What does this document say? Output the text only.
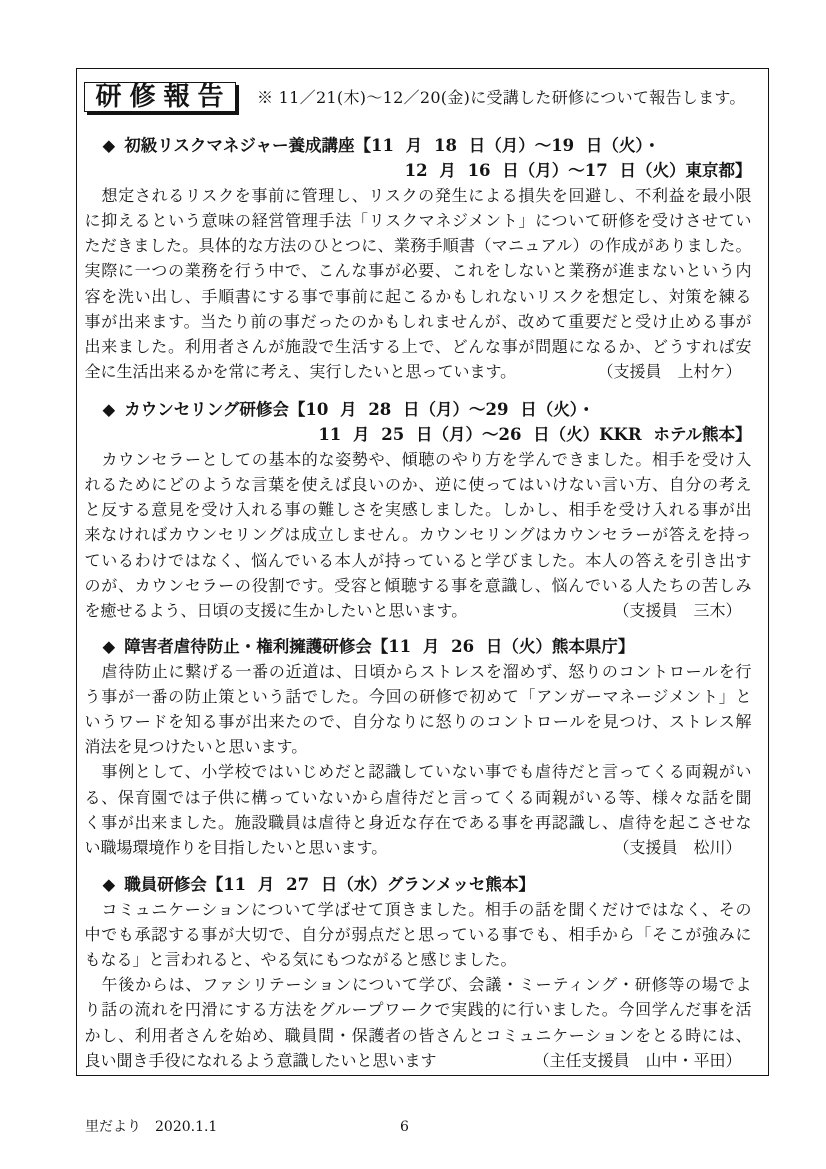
研修報告 ※ 11／21(木)～12／20(金)に受講した研修について報告します。
◆ 初級リスクマネジャー養成講座【11 月 18 日（月）～19 日（火）・
12 月 16 日（月）～17 日（火）東京都】
想定されるリスクを事前に管理し、リスクの発生による損失を回避し、不利益を最小限
に抑えるという意味の経営管理手法「リスクマネジメント」について研修を受けさせてい
ただきました。具体的な方法のひとつに、業務手順書（マニュアル）の作成がありました。
実際に一つの業務を行う中で、こんな事が必要、これをしないと業務が進まないという内
容を洗い出し、手順書にする事で事前に起こるかもしれないリスクを想定し、対策を練る
事が出来ます。当たり前の事だったのかもしれませんが、改めて重要だと受け止める事が
出来ました。利用者さんが施設で生活する上で、どんな事が問題になるか、どうすれば安
全に生活出来るかを常に考え、実行したいと思っています。	（支援員　上村ケ）
◆ カウンセリング研修会【10 月 28 日（月）～29 日（火）・
11 月 25 日（月）～26 日（火）KKR ホテル熊本】
カウンセラーとしての基本的な姿勢や、傾聴のやり方を学んできました。相手を受け入
れるためにどのような言葉を使えば良いのか、逆に使ってはいけない言い方、自分の考え
と反する意見を受け入れる事の難しさを実感しました。しかし、相手を受け入れる事が出
来なければカウンセリングは成立しません。カウンセリングはカウンセラーが答えを持っ
ているわけではなく、悩んでいる本人が持っていると学びました。本人の答えを引き出す
のが、カウンセラーの役割です。受容と傾聴する事を意識し、悩んでいる人たちの苦しみ
を癒せるよう、日頃の支援に生かしたいと思います。	（支援員　三木）
◆ 障害者虐待防止・権利擁護研修会【11 月 26 日（火）熊本県庁】
虐待防止に繋げる一番の近道は、日頃からストレスを溜めず、怒りのコントロールを行
う事が一番の防止策という話でした。今回の研修で初めて「アンガーマネージメント」と
いうワードを知る事が出来たので、自分なりに怒りのコントロールを見つけ、ストレス解
消法を見つけたいと思います。
事例として、小学校ではいじめだと認識していない事でも虐待だと言ってくる両親がい
る、保育園では子供に構っていないから虐待だと言ってくる両親がいる等、様々な話を聞
く事が出来ました。施設職員は虐待と身近な存在である事を再認識し、虐待を起こさせな
い職場環境作りを目指したいと思います。	（支援員　松川）
◆ 職員研修会【11 月 27 日（水）グランメッセ熊本】
コミュニケーションについて学ばせて頂きました。相手の話を聞くだけではなく、その
中でも承認する事が大切で、自分が弱点だと思っている事でも、相手から「そこが強みに
もなる」と言われると、やる気にもつながると感じました。
午後からは、ファシリテーションについて学び、会議・ミーティング・研修等の場でよ
り話の流れを円滑にする方法をグループワークで実践的に行いました。今回学んだ事を活
かし、利用者さんを始め、職員間・保護者の皆さんとコミュニケーションをとる時には、
良い聞き手役になれるよう意識したいと思います	（主任支援員　山中・平田）
里だより 2020.1.1	6
